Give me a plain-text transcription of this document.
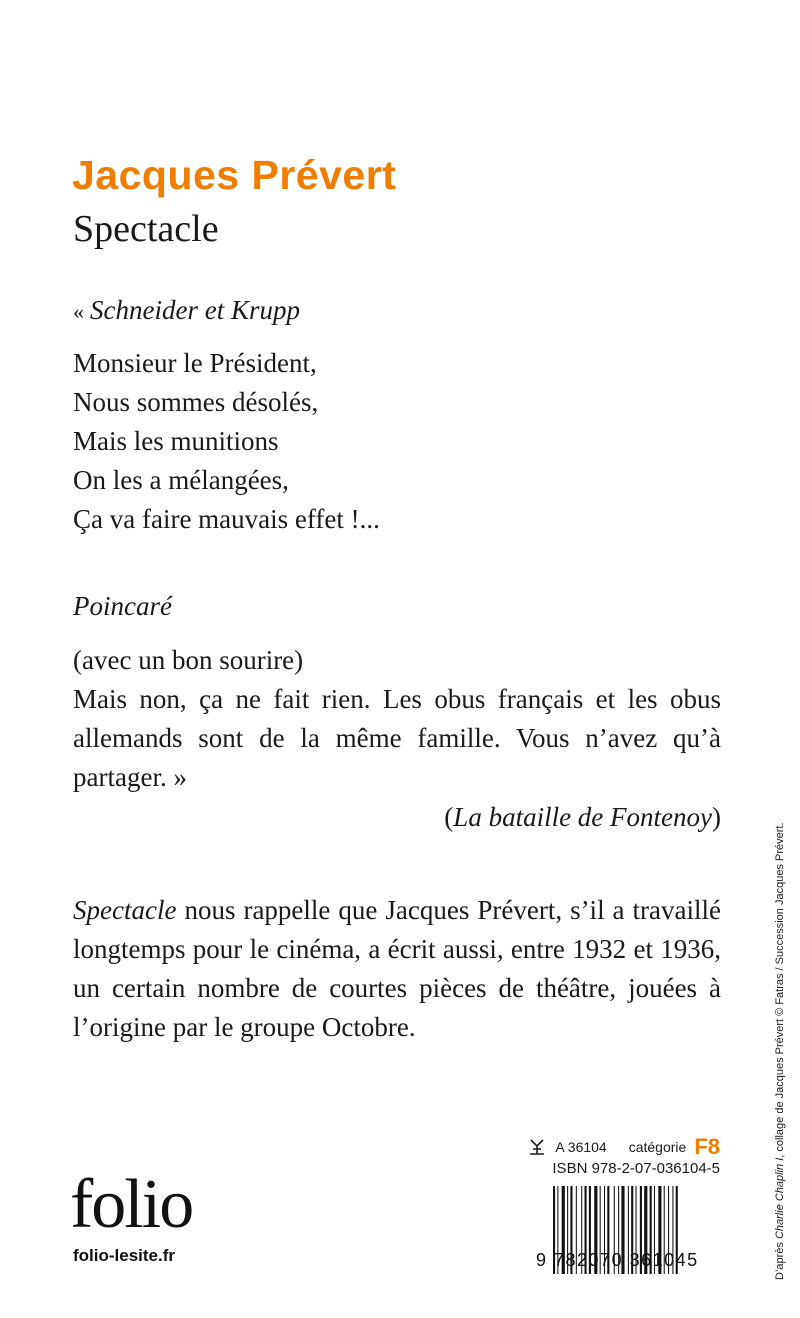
Jacques Prévert
Spectacle
« Schneider et Krupp

Monsieur le Président,

Nous sommes désolés,

Mais les munitions

On les a mélangées,

Ça va faire mauvais effet !...

Poincaré

(avec un bon sourire)

Mais non, ça ne fait rien. Les obus français et les obus allemands sont de la même famille. Vous n’avez qu’à partager. »

(La bataille de Fontenoy)

Spectacle nous rappelle que Jacques Prévert, s’il a travaillé longtemps pour le cinéma, a écrit aussi, entre 1932 et 1936, un certain nombre de courtes pièces de théâtre, jouées à l’origine par le groupe Octobre.

D’après Charlie Chaplin I, collage de Jacques Prévert © Fatras / Succession Jacques Prévert.
A 36104 catégorie F8
ISBN 978-2-07-036104-5
folio
folio-lesite.fr	9 782070 361045
